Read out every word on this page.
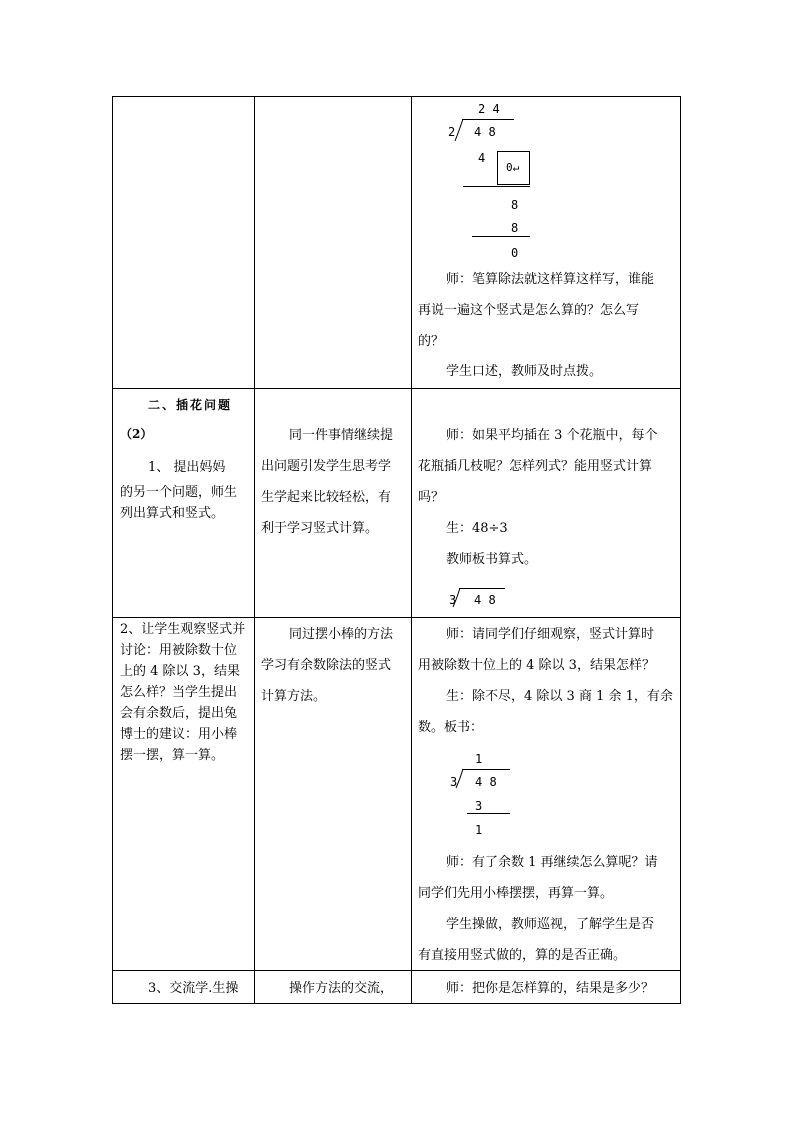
2 4
2 4 8
4
0↵
8
8
0
师：笔算除法就这样算这样写，谁能
再说一遍这个竖式是怎么算的？怎么写
的？
学生口述，教师及时点拨。
二、插花问题
（2）
1、 提出妈妈
的另一个问题，师生
列出算式和竖式。
同一件事情继续提
出问题引发学生思考学
生学起来比较轻松，有
利于学习竖式计算。
师：如果平均插在 3 个花瓶中，每个
花瓶插几枝呢？怎样列式？能用竖式计算
吗？
生：48÷3
教师板书算式。
3 4 8
2、让学生观察竖式并
讨论：用被除数十位
上的 4 除以 3，结果
怎么样？当学生提出
会有余数后，提出兔
博士的建议：用小棒
摆一摆，算一算。
同过摆小棒的方法
学习有余数除法的竖式
计算方法。
师：请同学们仔细观察，竖式计算时
用被除数十位上的 4 除以 3，结果怎样？
生：除不尽，4 除以 3 商 1 余 1，有余
数。板书：
1
3 4 8
3
1
师：有了余数 1 再继续怎么算呢？请
同学们先用小棒摆摆，再算一算。
学生操做，教师巡视，了解学生是否
有直接用竖式做的，算的是否正确。
3、交流学.生操	操作方法的交流，	师：把你是怎样算的，结果是多少？
